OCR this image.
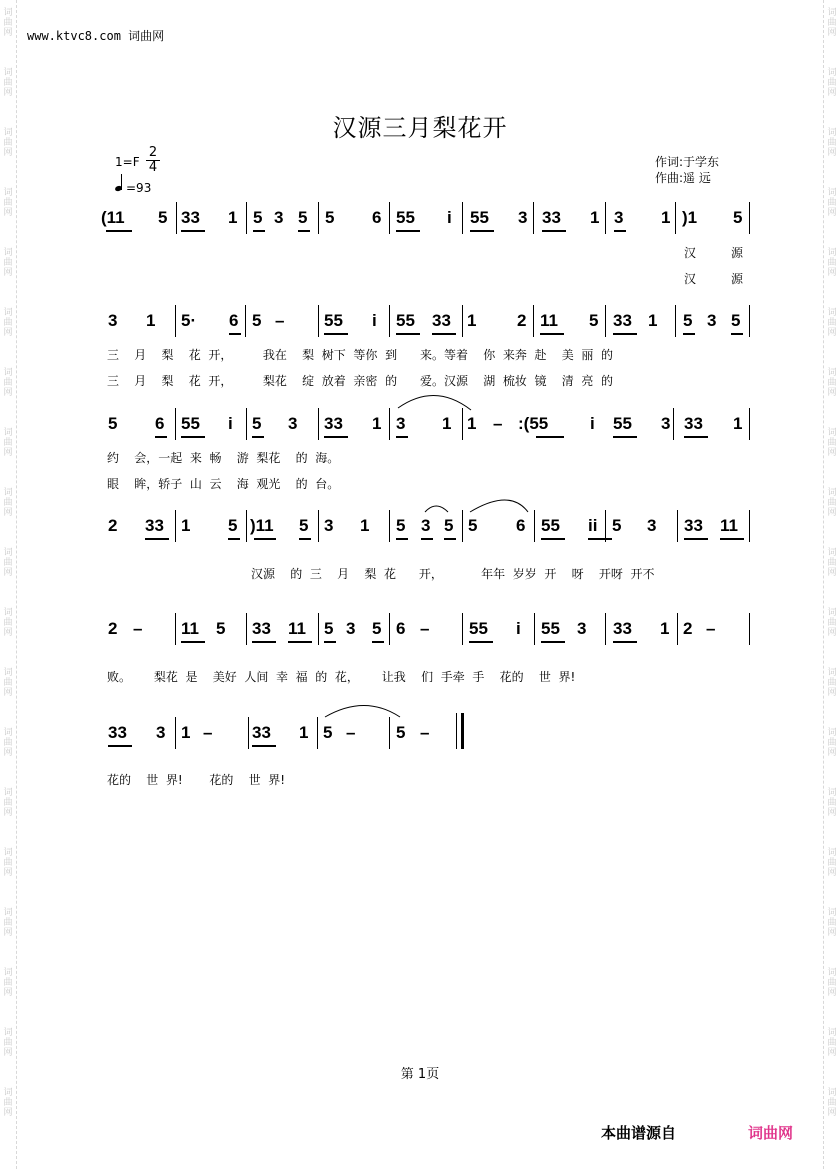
词
曲
网
词
曲
网
词
曲
网
词
曲
网
词
曲
网
词
曲
网
词
曲
网
词
曲
网
词
曲
网
词
曲
网
词
曲
网
词
曲
网
词
曲
网
词
曲
网
词
曲
网
词
曲
网
词
曲
网
词
曲
网
词
曲
网
词
曲
网
词
曲
网
词
曲
网
词
曲
网
词
曲
网
词
曲
网
词
曲
网
词
曲
网
词
曲
网
词
曲
网
词
曲
网
词
曲
网
词
曲
网
词
曲
网
词
曲
网
词
曲
网
词
曲
网
词
曲
网
词
曲
网
www.ktvc8.com 词曲网
汉源三月梨花开
$1=F \frac{2}{4}$
=93
作词:于学东
作曲:遥 远
(11 5 33 1 5 3 5 5 6 55 i 55 3 33 1 3 1 )1 5
汉	源
汉	源
3 1 5· 6 5 – 55 i 55 33 1 2 11 5 33 1 5 3 5
三    月    梨    花  开，        我在    梨  树下  等你  到      来。等着    你  来奔  赴    美  丽  的
三    月    梨    花  开，        梨花    绽  放着  亲密  的      爱。汉源    湖  梳妆  镜    清  亮  的
5 6 55 i 5 3 33 1 3 1 1 – :(55 i 55 3 33 1
约    会，一起  来  畅    游  梨花    的  海。
眼    眸，轿子  山  云    海  观光    的  台。
2 33 1 5 )11 5 3 1 5 3 5 5 6 55 ii 5 3 33 11
汉源    的  三    月    梨  花      开，          年年  岁岁  开    呀    开呀  开不
2 – 11 5 33 11 5 3 5 6 – 55 i 55 3 33 1 2 –
败。      梨花  是    美好  人间  幸  福  的  花，      让我    们  手牵  手    花的    世  界!
33 3 1 – 33 1 5 – 5 –
花的    世  界!       花的    世  界!
第 1页
本曲谱源自	词曲网
